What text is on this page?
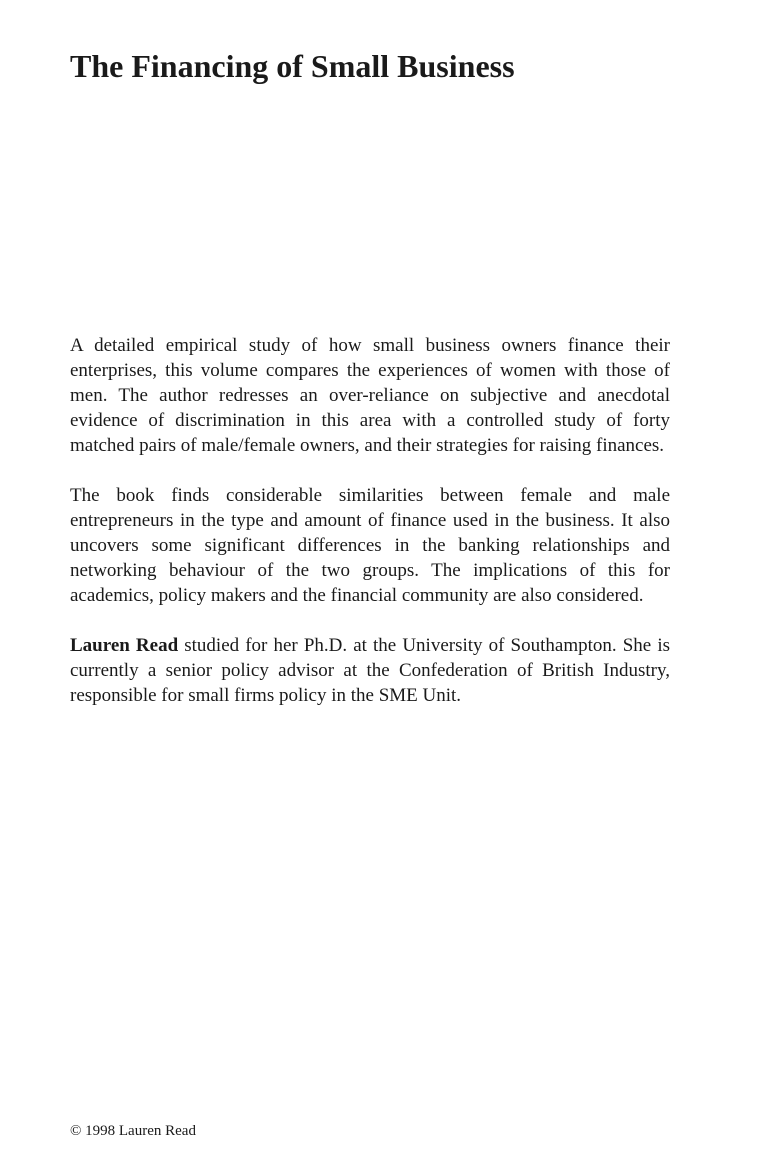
The Financing of Small Business

A detailed empirical study of how small business owners finance their enterprises, this volume compares the experiences of women with those of men. The author redresses an over-reliance on subjective and anecdotal evidence of discrimination in this area with a controlled study of forty matched pairs of male/female owners, and their strategies for raising finances.

The book finds considerable similarities between female and male entrepreneurs in the type and amount of finance used in the business. It also uncovers some significant differences in the banking relationships and networking behaviour of the two groups. The implications of this for academics, policy makers and the financial community are also considered.

Lauren Read studied for her Ph.D. at the University of Southampton. She is currently a senior policy advisor at the Confederation of British Industry, responsible for small firms policy in the SME Unit.

© 1998 Lauren Read
